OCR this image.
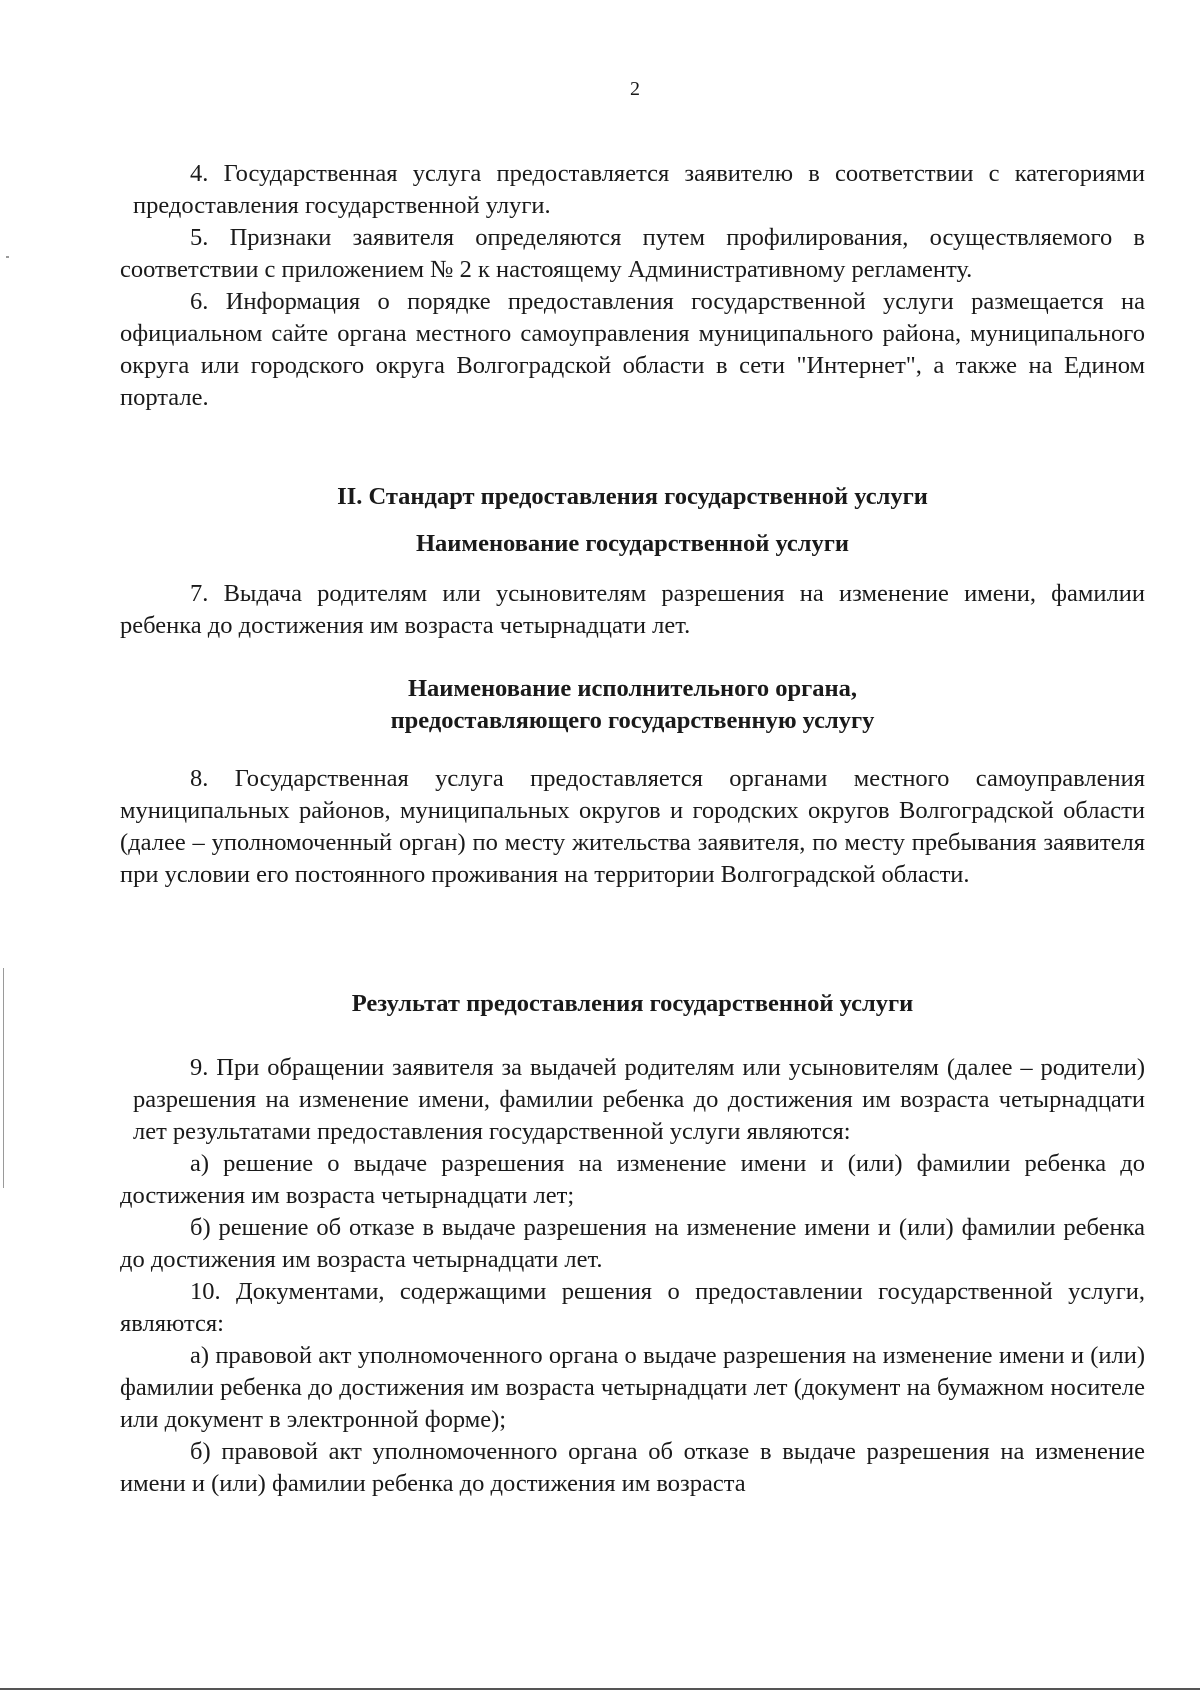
2

4. Государственная услуга предоставляется заявителю в соответствии с категориями предоставления государственной улуги.

5. Признаки заявителя определяются путем профилирования, осуществляемого в соответствии с приложением № 2 к настоящему Административному регламенту.

6. Информация о порядке предоставления государственной услуги размещается на официальном сайте органа местного самоуправления муниципального района, муниципального округа или городского округа Волгоградской области в сети "Интернет", а также на Едином портале.

II. Стандарт предоставления государственной услуги
Наименование государственной услуги

7. Выдача родителям или усыновителям разрешения на изменение имени, фамилии ребенка до достижения им возраста четырнадцати лет.

Наименование исполнительного органа,
предоставляющего государственную услугу

8. Государственная услуга предоставляется органами местного самоуправления муниципальных районов, муниципальных округов и городских округов Волгоградской области (далее – уполномоченный орган) по месту жительства заявителя, по месту пребывания заявителя при условии его постоянного проживания на территории Волгоградской области.

Результат предоставления государственной услуги

9. При обращении заявителя за выдачей родителям или усыновителям (далее – родители) разрешения на изменение имени, фамилии ребенка до достижения им возраста четырнадцати лет результатами предоставления государственной услуги являются:

а) решение о выдаче разрешения на изменение имени и (или) фамилии ребенка до достижения им возраста четырнадцати лет;

б) решение об отказе в выдаче разрешения на изменение имени и (или) фамилии ребенка до достижения им возраста четырнадцати лет.

10. Документами, содержащими решения о предоставлении государственной услуги, являются:

а) правовой акт уполномоченного органа о выдаче разрешения на изменение имени и (или) фамилии ребенка до достижения им возраста четырнадцати лет (документ на бумажном носителе или документ в электронной форме);

б) правовой акт уполномоченного органа об отказе в выдаче разрешения на изменение имени и (или) фамилии ребенка до достижения им возраста
